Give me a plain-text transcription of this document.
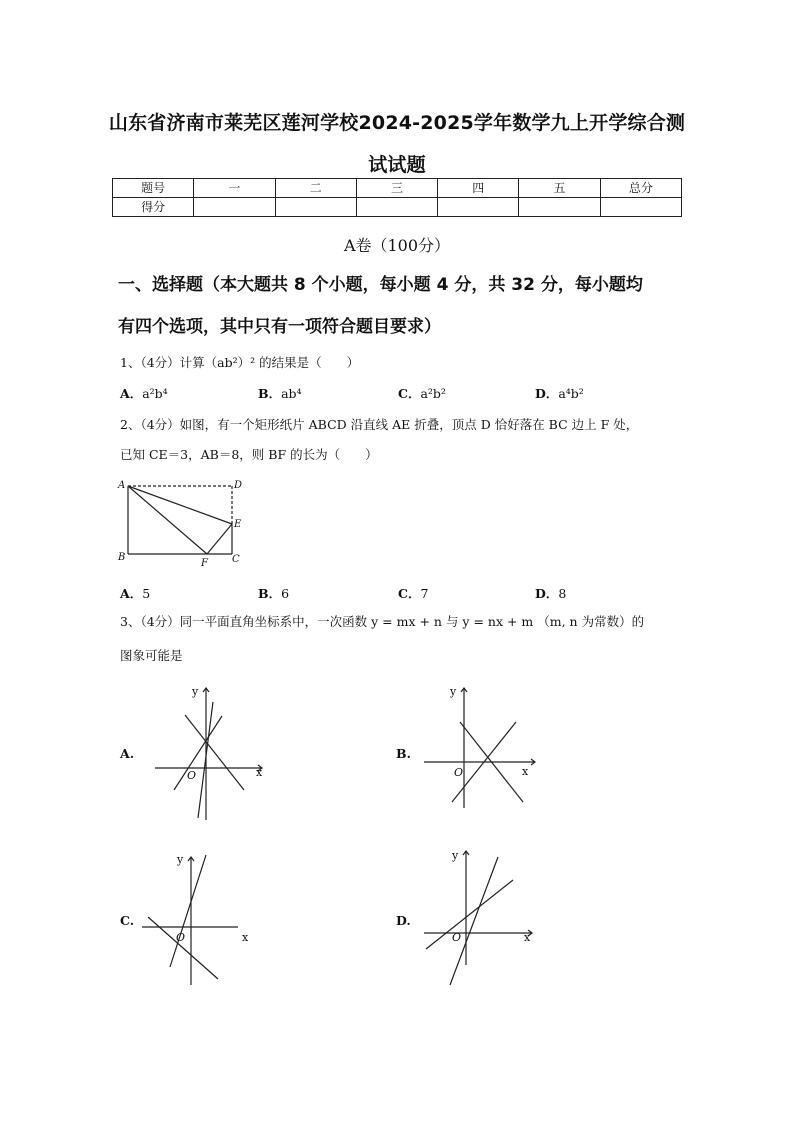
山东省济南市莱芜区莲河学校2024-2025学年数学九上开学综合测
试试题
题号	一	二	三	四	五	总分
得分						
A卷（100分）
一、选择题（本大题共 8 个小题，每小题 4 分，共 32 分，每小题均
有四个选项，其中只有一项符合题目要求）
1、（4分）计算（ab²）² 的结果是（　　）
A．a²b⁴	B．ab⁴	C．a²b²	D．a⁴b²
2、（4分）如图，有一个矩形纸片 ABCD 沿直线 AE 折叠，顶点 D 恰好落在 BC 边上 F 处，
已知 CE＝3，AB＝8，则 BF 的长为（　　）
A	D
E
B
F C
A．5	B．6	C．7	D．8
3、（4分）同一平面直角坐标系中，一次函数 y = mx + n 与 y = nx + m （m, n 为常数）的
图象可能是
A.
y
x
O
B.
y
x
O
C.
y
x
O
D.
y
x
O
